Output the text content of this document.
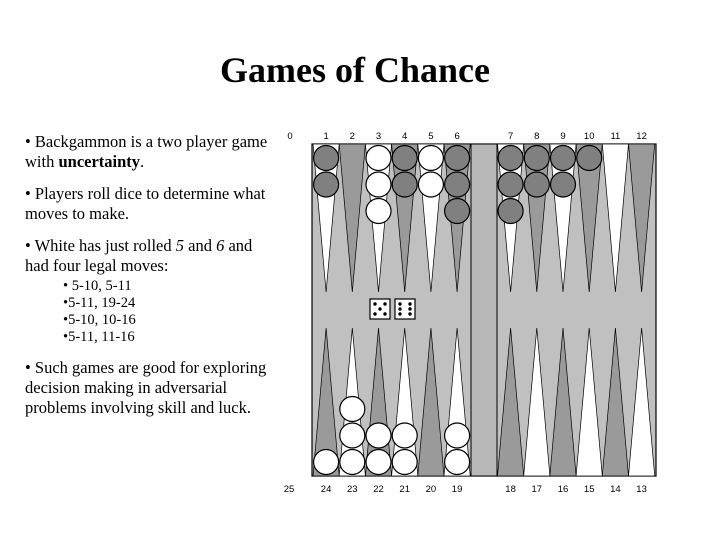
Games of Chance

• Backgammon is a two player game with uncertainty.

• Players roll dice to determine what moves to make.

• White has just rolled 5 and 6 and had four legal moves:

• 5-10, 5-11
•5-11, 19-24
•5-10, 10-16
•5-11, 11-16

• Such games are good for exploring decision making in adversarial problems involving skill and luck.

0	1 2 3 4 5 6	7 8 9 10 11 12
25	24 23 22 21 20 19	18 17 16 15 14 13
